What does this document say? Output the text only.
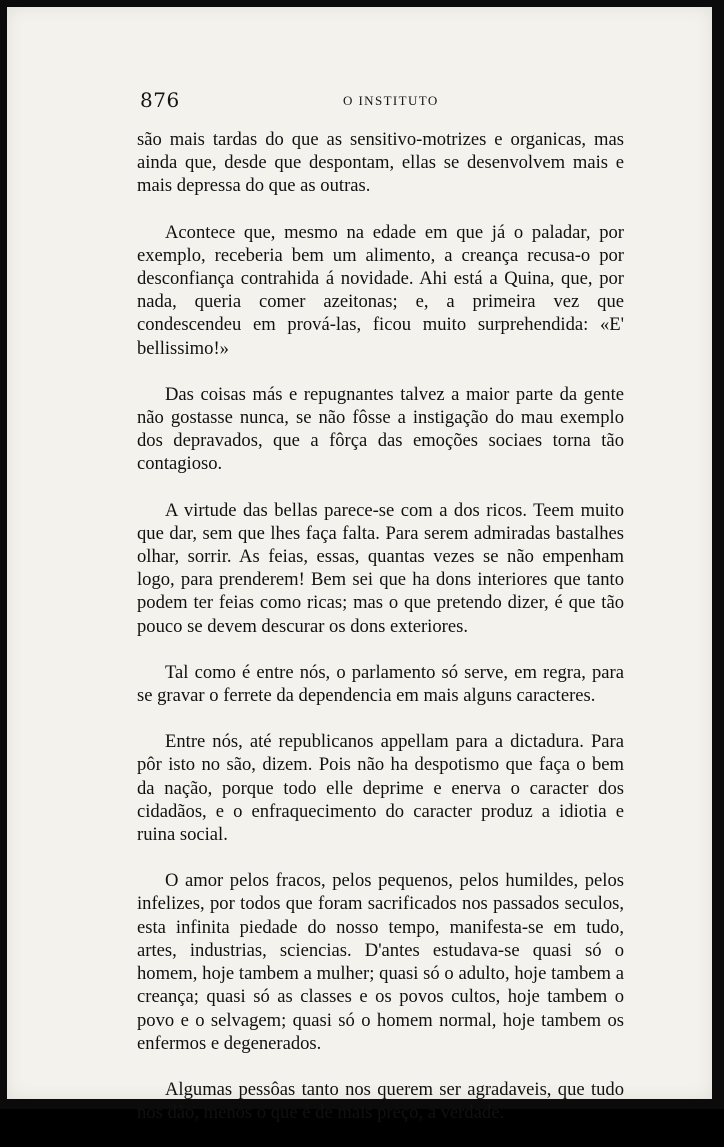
876	O INSTITUTO

são mais tardas do que as sensitivo-motrizes e organicas, mas ainda que, desde que despontam, ellas se desenvolvem mais e mais depressa do que as outras.

Acontece que, mesmo na edade em que já o paladar, por exemplo, receberia bem um alimento, a creança recusa-o por desconfiança contrahida á novidade. Ahi está a Quina, que, por nada, queria comer azeitonas; e, a primeira vez que condescendeu em prová-las, ficou muito surprehendida: «E' bellissimo!»

Das coisas más e repugnantes talvez a maior parte da gente não gostasse nunca, se não fôsse a instigação do mau exemplo dos depravados, que a fôrça das emoções sociaes torna tão contagioso.

A virtude das bellas parece-se com a dos ricos. Teem muito que dar, sem que lhes faça falta. Para serem admiradas bastalhes olhar, sorrir. As feias, essas, quantas vezes se não empenham logo, para prenderem! Bem sei que ha dons interiores que tanto podem ter feias como ricas; mas o que pretendo dizer, é que tão pouco se devem descurar os dons exteriores.

Tal como é entre nós, o parlamento só serve, em regra, para se gravar o ferrete da dependencia em mais alguns caracteres.

Entre nós, até republicanos appellam para a dictadura. Para pôr isto no são, dizem. Pois não ha despotismo que faça o bem da nação, porque todo elle deprime e enerva o caracter dos cidadãos, e o enfraquecimento do caracter produz a idiotia e ruina social.

O amor pelos fracos, pelos pequenos, pelos humildes, pelos infelizes, por todos que foram sacrificados nos passados seculos, esta infinita piedade do nosso tempo, manifesta-se em tudo, artes, industrias, sciencias. D'antes estudava-se quasi só o homem, hoje tambem a mulher; quasi só o adulto, hoje tambem a creança; quasi só as classes e os povos cultos, hoje tambem o povo e o selvagem; quasi só o homem normal, hoje tambem os enfermos e degenerados.

Algumas pessôas tanto nos querem ser agradaveis, que tudo nos dão, menos o que é de mais preço, a verdade.
